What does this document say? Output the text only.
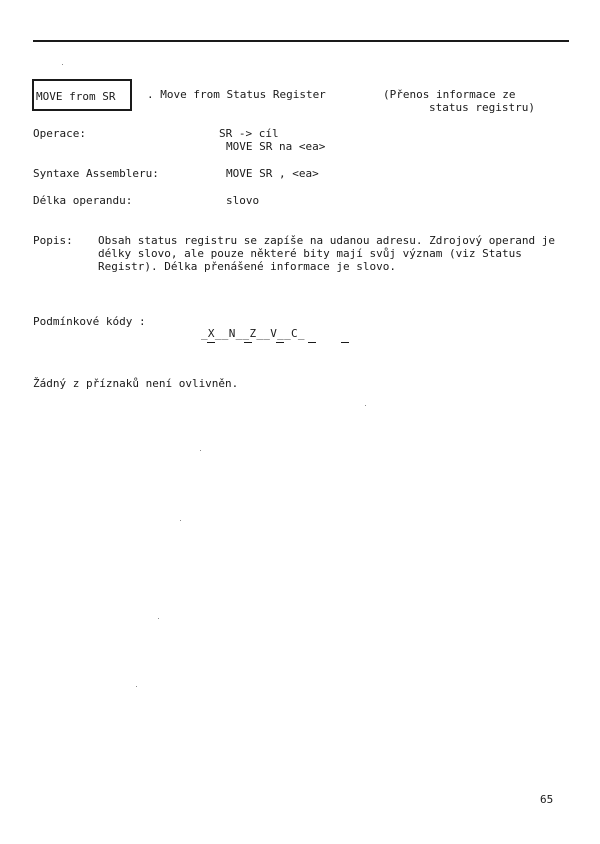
MOVE from SR	. Move from Status Register	(Přenos informace ze
status registru)
Operace:	SR -> cíl
MOVE SR na <ea>
Syntaxe Assembleru:	MOVE SR , <ea>
Délka operandu:	slovo
Popis: Obsah status registru se zapíše na udanou adresu. Zdrojový operand je délky slovo, ale pouze některé bity mají svůj význam (viz Status Registr). Délka přenášené informace je slovo.
Podmínkové kódy :
_X__N__Z__V__C_
Žádný z příznaků není ovlivněn.
65
